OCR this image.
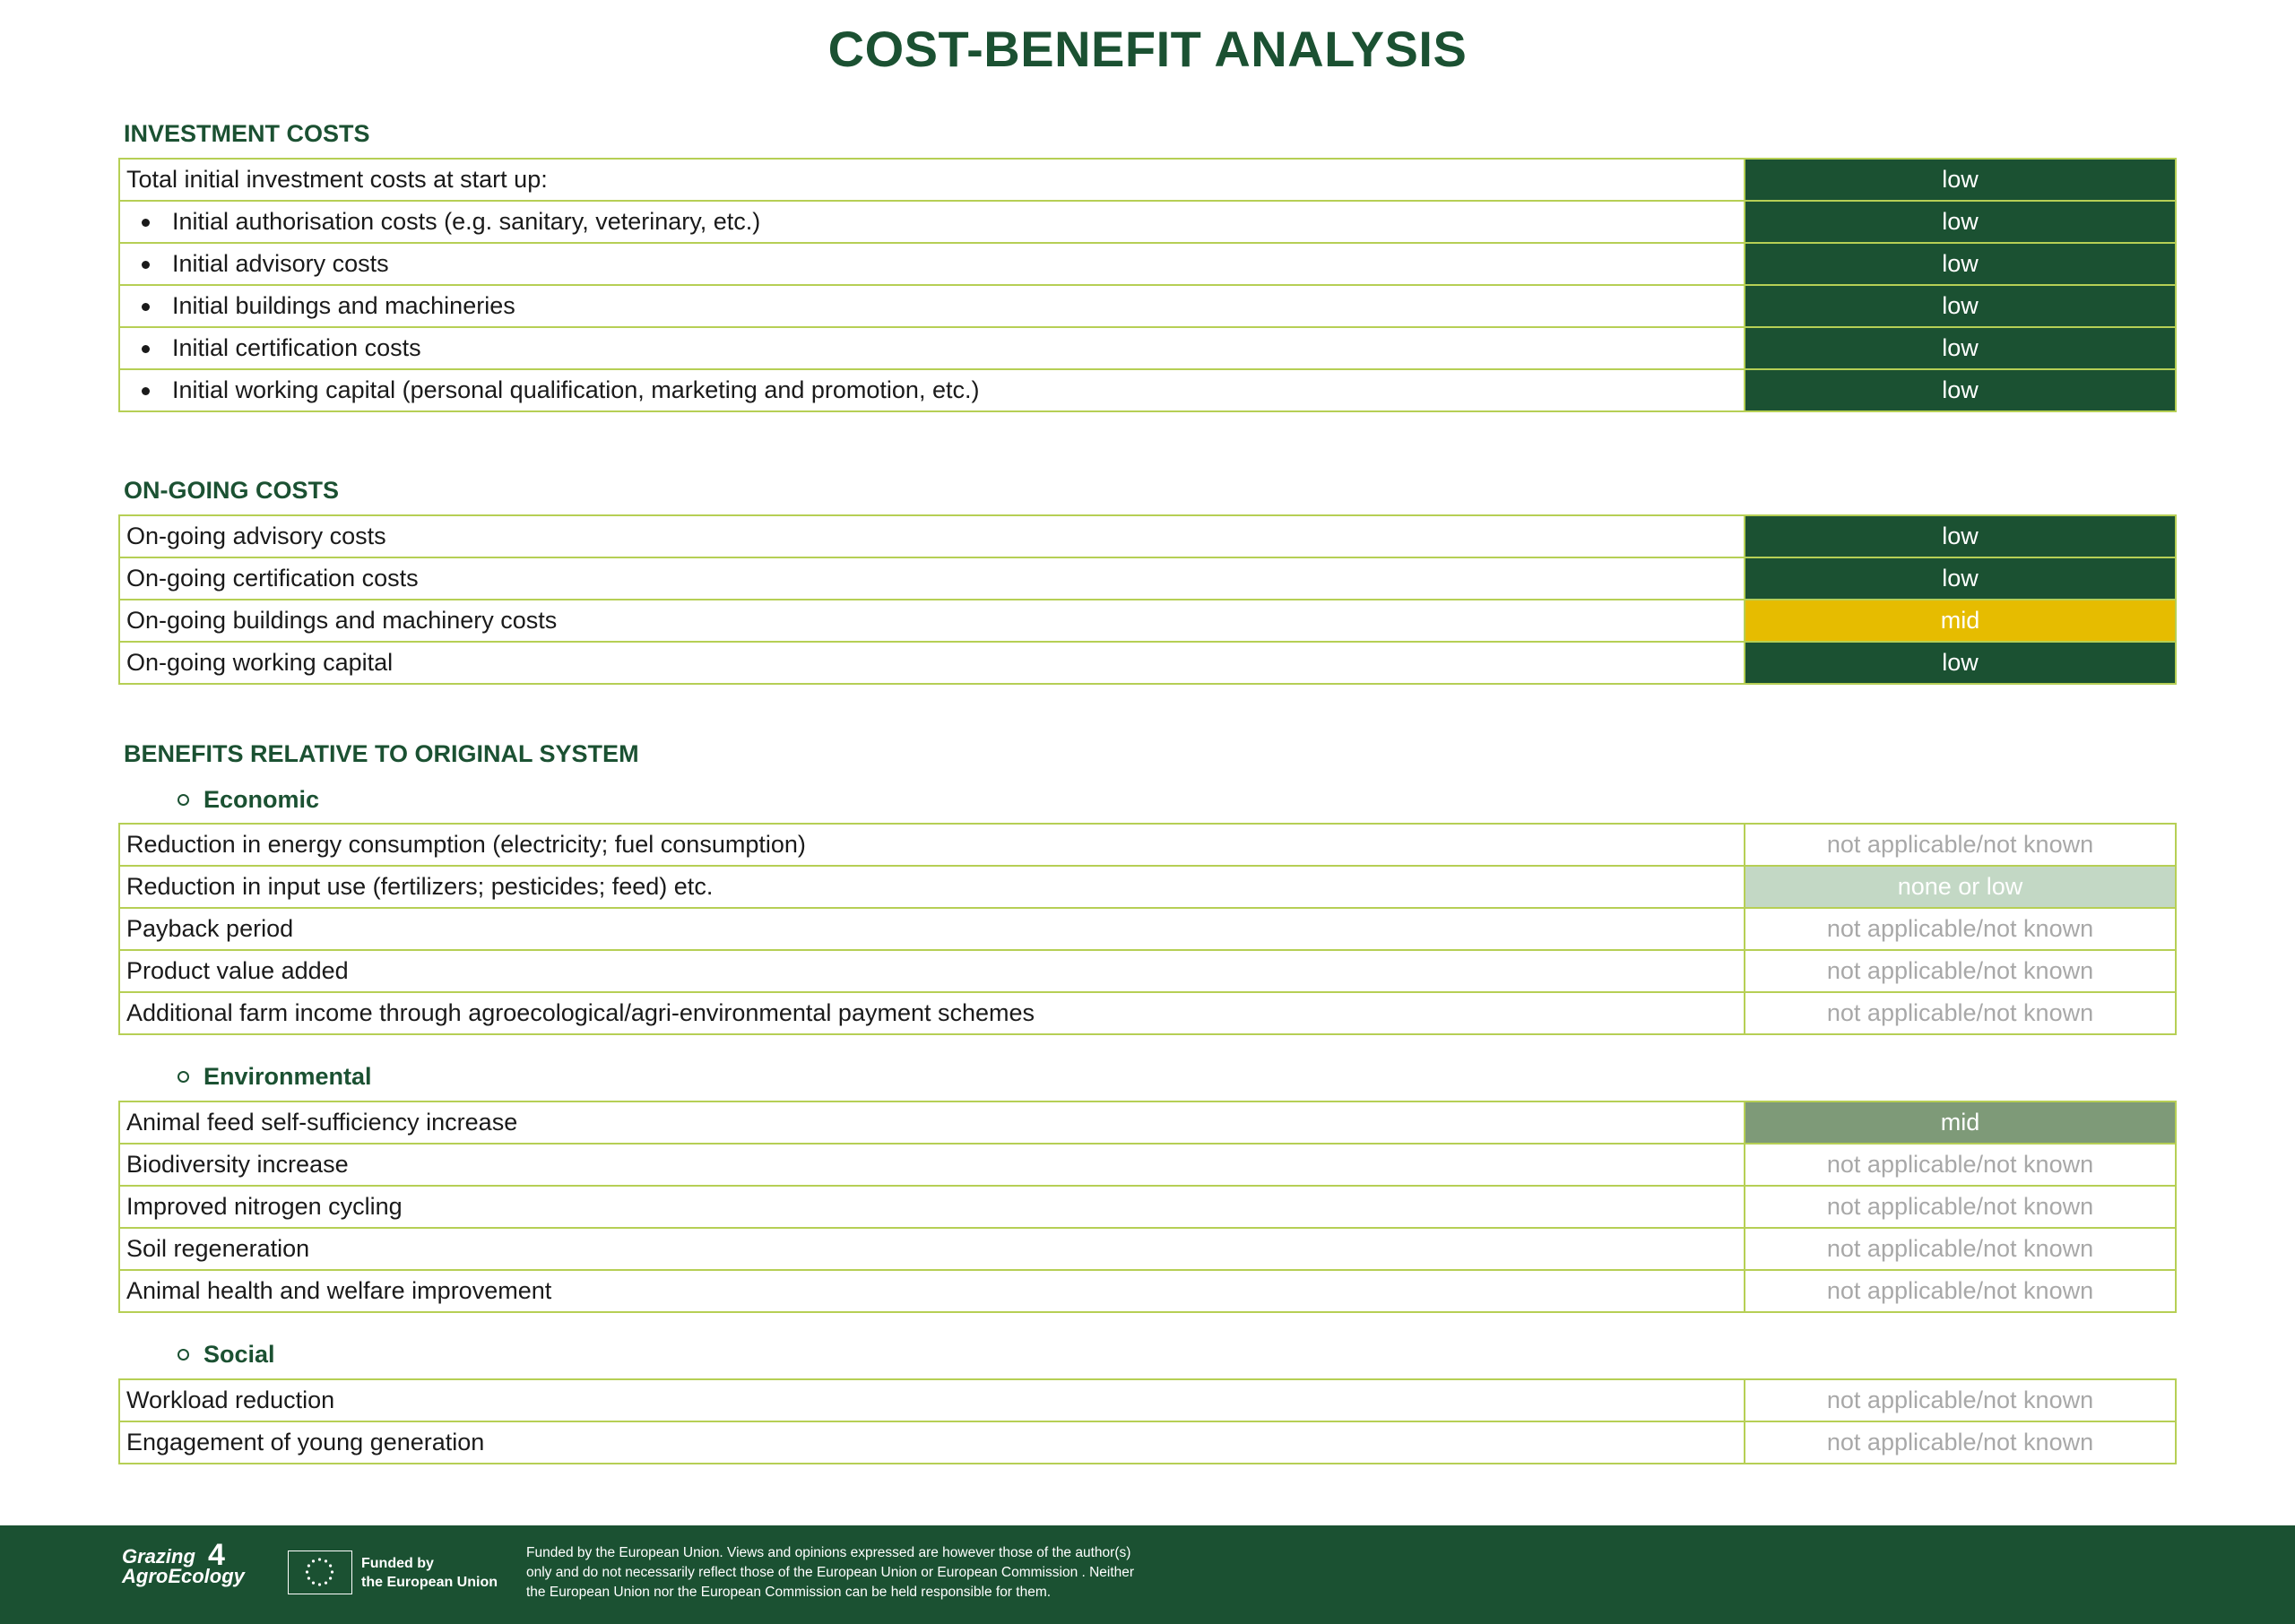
COST-BENEFIT ANALYSIS
INVESTMENT COSTS
Total initial investment costs at start up:	low
Initial authorisation costs (e.g. sanitary, veterinary, etc.)	low
Initial advisory costs	low
Initial buildings and machineries	low
Initial certification costs	low
Initial working capital (personal qualification, marketing and promotion, etc.)	low
ON-GOING COSTS
On-going advisory costs	low
On-going certification costs	low
On-going buildings and machinery costs	mid
On-going working capital	low
BENEFITS RELATIVE TO ORIGINAL SYSTEM
Economic
Reduction in energy consumption (electricity; fuel consumption)	not applicable/not known
Reduction in input use (fertilizers; pesticides; feed) etc.	none or low
Payback period	not applicable/not known
Product value added	not applicable/not known
Additional farm income through agroecological/agri-environmental payment schemes	not applicable/not known
Environmental
Animal feed self-sufficiency increase	mid
Biodiversity increase	not applicable/not known
Improved nitrogen cycling	not applicable/not known
Soil regeneration	not applicable/not known
Animal health and welfare improvement	not applicable/not known
Social
Workload reduction	not applicable/not known
Engagement of young generation	not applicable/not known
Grazing
AgroEcology
4	Funded by
the European Union
Funded by the European Union. Views and opinions expressed are however those of the author(s)
only and do not necessarily reflect those of the European Union or European Commission . Neither
the European Union nor the European Commission can be held responsible for them.
